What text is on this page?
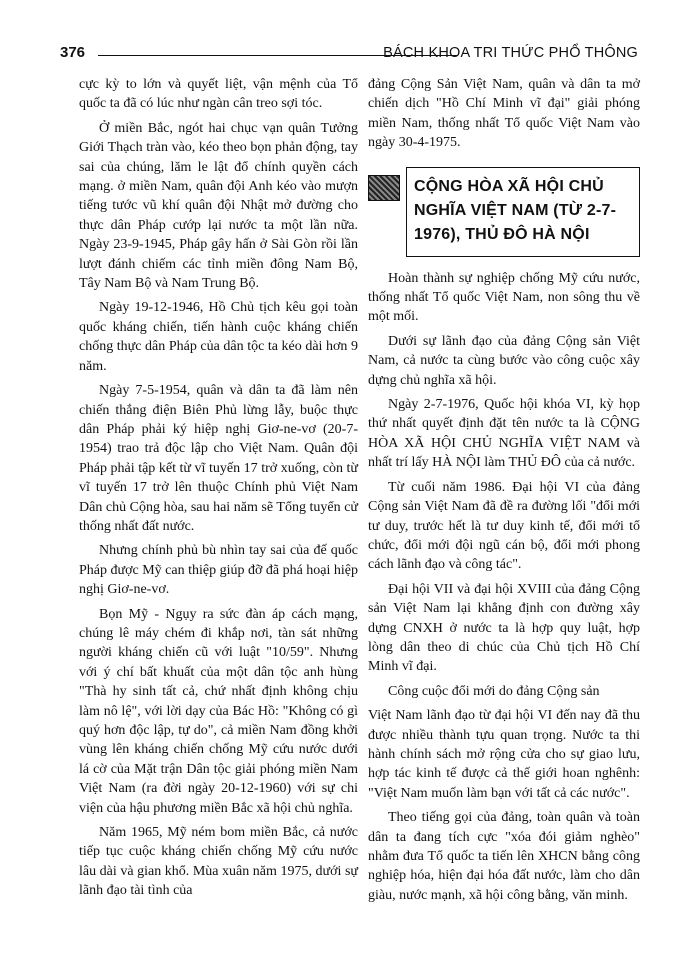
376	BÁCH KHOA TRI THỨC PHỔ THÔNG

cực kỳ to lớn và quyết liệt, vận mệnh của Tổ quốc ta đã có lúc như ngàn cân treo sợi tóc.

Ở miền Bắc, ngót hai chục vạn quân Tưởng Giới Thạch tràn vào, kéo theo bọn phản động, tay sai của chúng, lăm le lật đổ chính quyền cách mạng. ở miền Nam, quân đội Anh kéo vào mượn tiếng tước vũ khí quân đội Nhật mở đường cho thực dân Pháp cướp lại nước ta một lần nữa. Ngày 23-9-1945, Pháp gây hấn ở Sài Gòn rồi lần lượt đánh chiếm các tỉnh miền đông Nam Bộ, Tây Nam Bộ và Nam Trung Bộ.

Ngày 19-12-1946, Hồ Chủ tịch kêu gọi toàn quốc kháng chiến, tiến hành cuộc kháng chiến chống thực dân Pháp của dân tộc ta kéo dài hơn 9 năm.

Ngày 7-5-1954, quân và dân ta đã làm nên chiến thắng điện Biên Phủ lừng lẫy, buộc thực dân Pháp phải ký hiệp nghị Giơ-ne-vơ (20-7-1954) trao trả độc lập cho Việt Nam. Quân đội Pháp phải tập kết từ vĩ tuyến 17 trở xuống, còn từ vĩ tuyến 17 trở lên thuộc Chính phủ Việt Nam Dân chủ Cộng hòa, sau hai năm sẽ Tổng tuyển cử thống nhất đất nước.

Nhưng chính phủ bù nhìn tay sai của đế quốc Pháp được Mỹ can thiệp giúp đỡ đã phá hoại hiệp nghị Giơ-ne-vơ.

Bọn Mỹ - Ngụy ra sức đàn áp cách mạng, chúng lê máy chém đi khắp nơi, tàn sát những người kháng chiến cũ với luật "10/59". Nhưng với ý chí bất khuất của một dân tộc anh hùng "Thà hy sinh tất cả, chứ nhất định không chịu làm nô lệ", với lời dạy của Bác Hồ: "Không có gì quý hơn độc lập, tự do", cả miền Nam đồng khởi vùng lên kháng chiến chống Mỹ cứu nước dưới lá cờ của Mặt trận Dân tộc giải phóng miền Nam Việt Nam (ra đời ngày 20-12-1960) với sự chi viện của hậu phương miền Bắc xã hội chủ nghĩa.

Năm 1965, Mỹ ném bom miền Bắc, cả nước tiếp tục cuộc kháng chiến chống Mỹ cứu nước lâu dài và gian khổ. Mùa xuân năm 1975, dưới sự lãnh đạo tài tình của

đảng Cộng Sản Việt Nam, quân và dân ta mở chiến dịch "Hồ Chí Minh vĩ đại" giải phóng miền Nam, thống nhất Tổ quốc Việt Nam vào ngày 30-4-1975.

CỘNG HÒA XÃ HỘI CHỦ NGHĨA VIỆT NAM (TỪ 2-7-1976), THỦ ĐÔ HÀ NỘI

Hoàn thành sự nghiệp chống Mỹ cứu nước, thống nhất Tổ quốc Việt Nam, non sông thu về một mối.

Dưới sự lãnh đạo của đảng Cộng sản Việt Nam, cả nước ta cùng bước vào công cuộc xây dựng chủ nghĩa xã hội.

Ngày 2-7-1976, Quốc hội khóa VI, kỳ họp thứ nhất quyết định đặt tên nước ta là CỘNG HÒA XÃ HỘI CHỦ NGHĨA VIỆT NAM và nhất trí lấy HÀ NỘI làm THỦ ĐÔ của cả nước.

Từ cuối năm 1986. Đại hội VI của đảng Cộng sản Việt Nam đã đề ra đường lối "đổi mới tư duy, trước hết là tư duy kinh tế, đổi mới tổ chức, đổi mới đội ngũ cán bộ, đổi mới phong cách lãnh đạo và công tác".

Đại hội VII và đại hội XVIII của đảng Cộng sản Việt Nam lại khẳng định con đường xây dựng CNXH ở nước ta là hợp quy luật, hợp lòng dân theo di chúc của Chủ tịch Hồ Chí Minh vĩ đại.

Công cuộc đổi mới do đảng Cộng sản

Việt Nam lãnh đạo từ đại hội VI đến nay đã thu được nhiều thành tựu quan trọng. Nước ta thi hành chính sách mở rộng cửa cho sự giao lưu, hợp tác kinh tế được cả thế giới hoan nghênh: "Việt Nam muốn làm bạn với tất cả các nước".

Theo tiếng gọi của đảng, toàn quân và toàn dân ta đang tích cực "xóa đói giảm nghèo" nhằm đưa Tổ quốc ta tiến lên XHCN bằng công nghiệp hóa, hiện đại hóa đất nước, làm cho dân giàu, nước mạnh, xã hội công bằng, văn minh.
